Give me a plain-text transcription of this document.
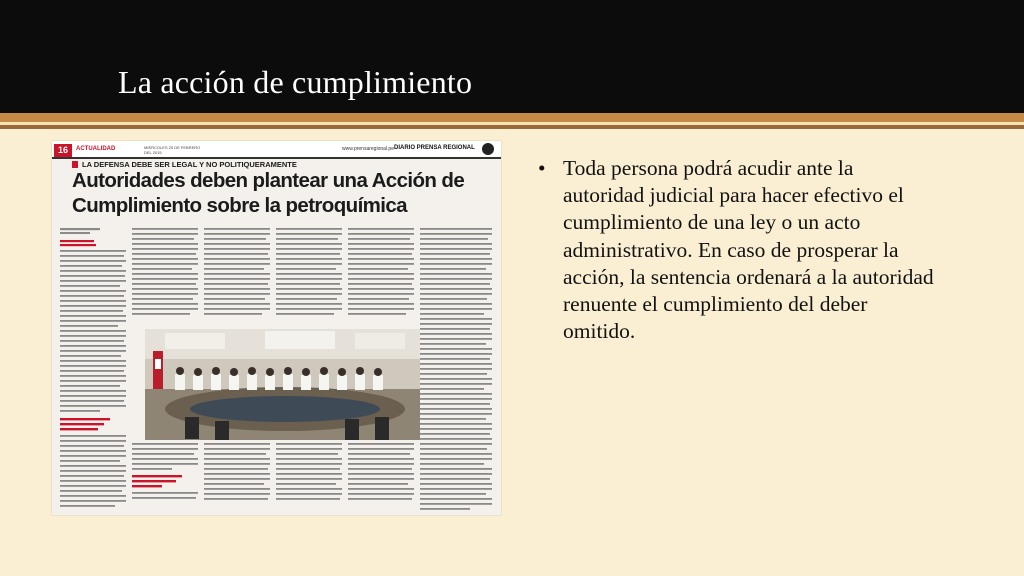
La acción de cumplimiento
16	ACTUALIDAD	MIÉRCOLES 25 DE FEBRERO DEL 2015
www.prensaregional.pe DIARIO PRENSA REGIONAL
LA DEFENSA DEBE SER LEGAL Y NO POLITIQUERAMENTE
Autoridades deben plantear una Acción de Cumplimiento sobre la petroquímica
• Toda persona podrá acudir ante la autoridad judicial para hacer efectivo el cumplimiento de una ley o un acto administrativo. En caso de prosperar la acción, la sentencia ordenará a la autoridad renuente el cumplimiento del deber omitido.
